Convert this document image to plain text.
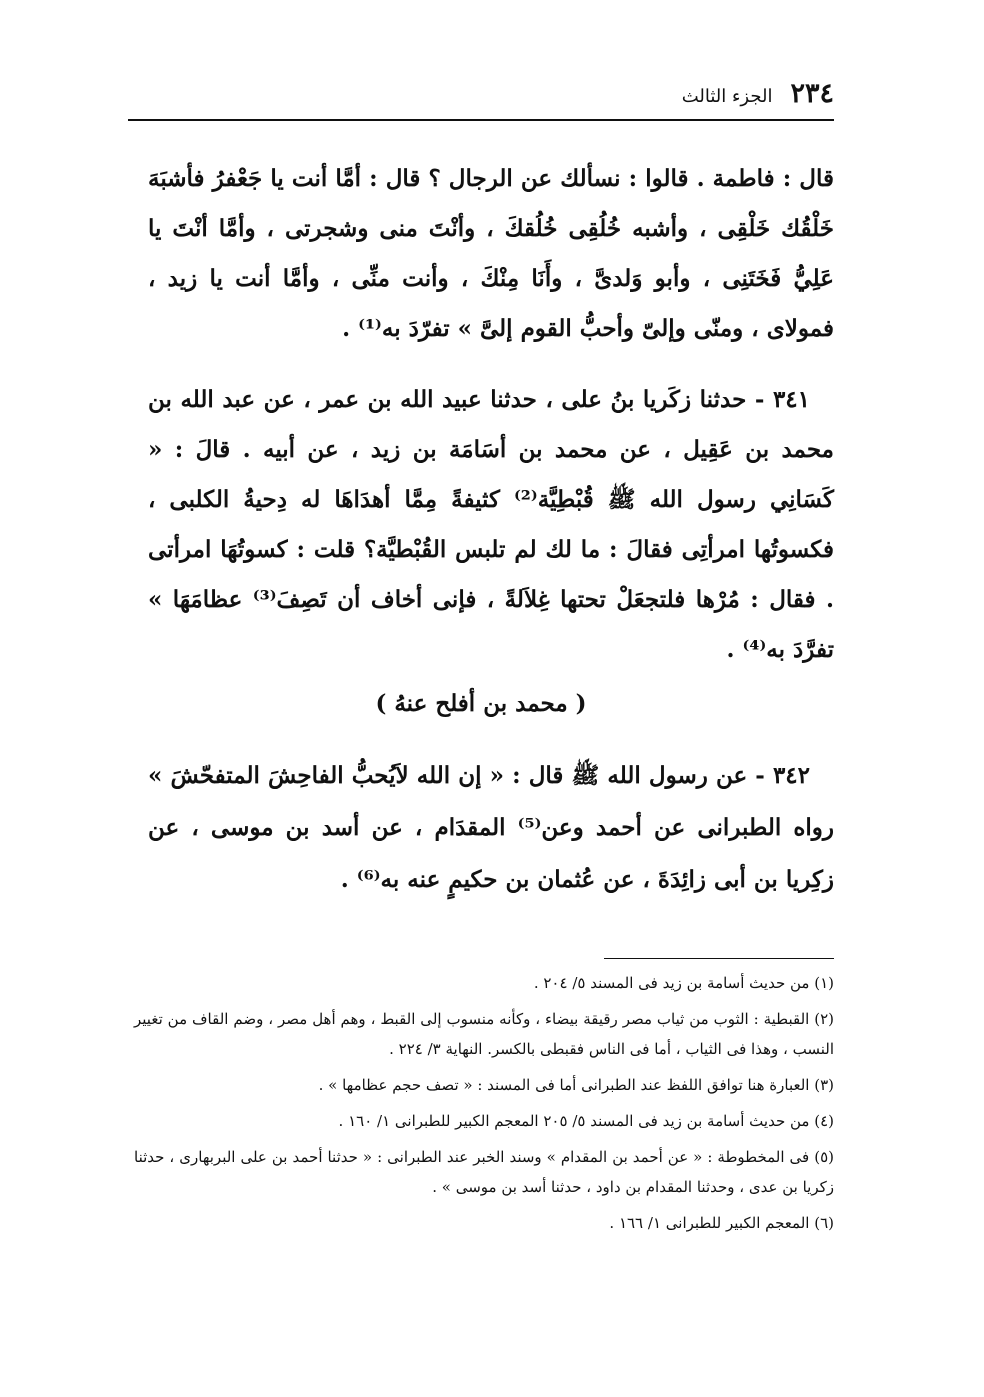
٢٣٤
الجزء الثالث

قال : فاطمة . قالوا : نسألك عن الرجال ؟ قال : أمَّا أنت يا جَعْفرُ فأشبَهَ خَلْقُك خَلْقِى ، وأشبه خُلُقِى خُلُقكَ ، وأنْتَ منى وشجرتى ، وأمَّا أنْتَ يا عَلِيُّ فَخَتَنِى ، وأبو وَلدىَّ ، وأَنَا مِنْكَ ، وأنت منِّى ، وأمَّا أنت يا زيد ، فمولاى ، ومنّى وإلىّ وأحبُّ القوم إلىَّ » تفرّدَ به⁽¹⁾ .

٣٤١ - حدثنا زكَريا بنُ على ، حدثنا عبيد الله بن عمر ، عن عبد الله بن محمد بن عَقِيل ، عن محمد بن أسَامَة بن زيد ، عن أبيه . قالَ : « كَسَانِي رسول الله ﷺ قُبْطِيَّة⁽²⁾ كثيفةً مِمَّا أهدَاهَا له دِحيةُ الكلبى ، فكسوتُها امرأتِى فقالَ : ما لك لم تلبس القُبْطيَّة؟ قلت : كسوتُهَا امرأتى . فقال : مُرْها فلتجعَلْ تحتها غِلاَلةً ، فإنى أخاف أن تَصِفَ⁽³⁾ عظامَهَا » تفرَّدَ به⁽⁴⁾ .

( محمد بن أفلح عنهُ )

٣٤٢ - عن رسول الله ﷺ قال : « إن الله لاَيُحبُّ الفاحِشَ المتفحّشَ » رواه الطبرانى عن أحمد وعن⁽⁵⁾ المقدَام ، عن أسد بن موسى ، عن زكِريا بن أبى زائِدَةَ ، عن عُثمان بن حكيمٍ عنه به⁽⁶⁾ .

(١) من حديث أسامة بن زيد فى المسند ٥/ ٢٠٤ .

(٢) القبطية : الثوب من ثياب مصر رقيقة بيضاء ، وكأنه منسوب إلى القبط ، وهم أهل مصر ، وضم القاف من تغيير النسب ، وهذا فى الثياب ، أما فى الناس فقبطى بالكسر. النهاية ٣/ ٢٢٤ .

(٣) العبارة هنا توافق اللفظ عند الطبرانى أما فى المسند : « تصف حجم عظامها » .

(٤) من حديث أسامة بن زيد فى المسند ٥/ ٢٠٥ المعجم الكبير للطبرانى ١/ ١٦٠ .

(٥) فى المخطوطة : « عن أحمد بن المقدام » وسند الخبر عند الطبرانى : « حدثنا أحمد بن على البربهارى ، حدثنا زكريا بن عدى ، وحدثنا المقدام بن داود ، حدثنا أسد بن موسى » .

(٦) المعجم الكبير للطبرانى ١/ ١٦٦ .
